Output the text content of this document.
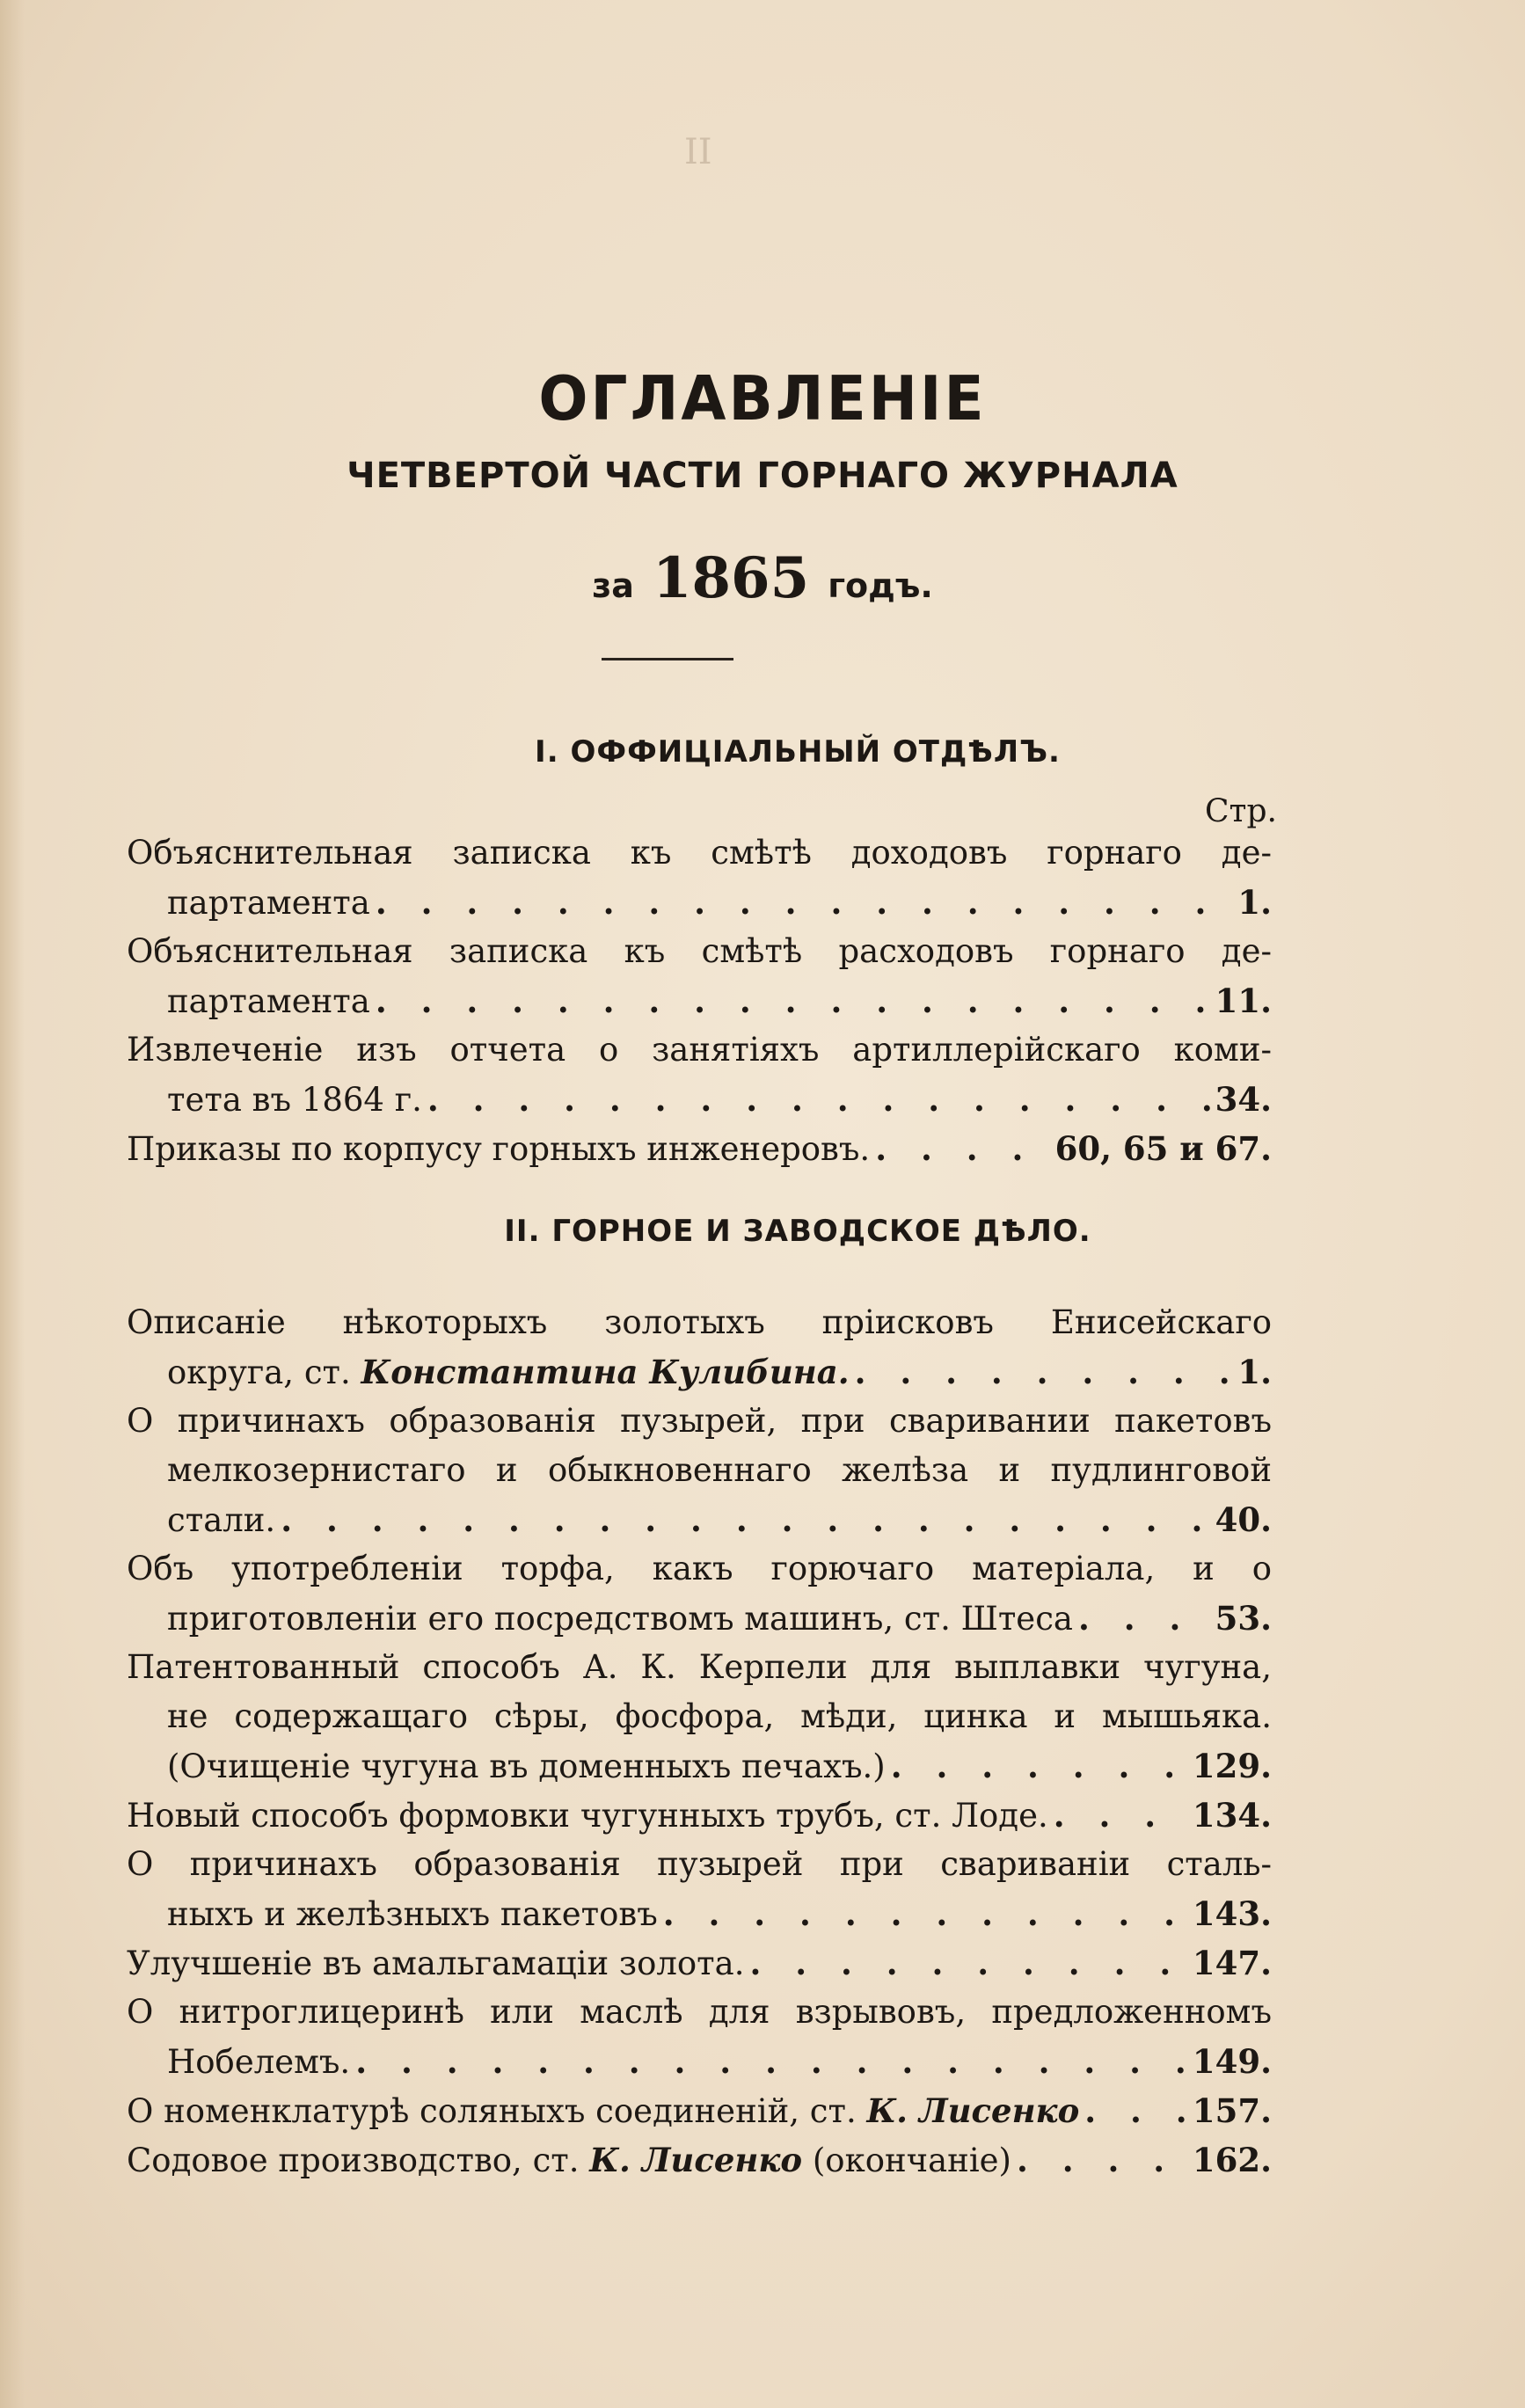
II
ОГЛАВЛЕНІЕ
ЧЕТВЕРТОЙ ЧАСТИ ГОРНАГО ЖУРНАЛА
за 1865 годъ.
I. ОФФИЦІАЛЬНЫЙ ОТДѢЛЪ.
Стр.
Объяснительная записка къ смѣтѣ доходовъ горнаго де-
партамента . . .	1.
Объяснительная записка къ смѣтѣ расходовъ горнаго де-
партамента . . .	11.
Извлеченіе изъ отчета о занятіяхъ артиллерійскаго коми-
тета въ 1864 г. . . .	34.
Приказы по корпусу горныхъ инженеровъ. . . .	60, 65 и 67.
II. ГОРНОЕ И ЗАВОДСКОЕ ДѢЛО.
Описаніе нѣкоторыхъ золотыхъ пріисковъ Енисейскаго
округа, ст. Константина Кулибина. . . .	1.
О причинахъ образованія пузырей, при сваривании пакетовъ
мелкозернистаго и обыкновеннаго желѣза и пудлинговой
стали. . . .	40.
Объ употребленіи торфа, какъ горючаго матеріала, и о
приготовленіи его посредствомъ машинъ, ст. Штеса . . .	53.
Патентованный способъ А. К. Керпели для выплавки чугуна,
не содержащаго сѣры, фосфора, мѣди, цинка и мышьяка.
(Очищеніе чугуна въ доменныхъ печахъ.) . . .	129.
Новый способъ формовки чугунныхъ трубъ, ст. Лоде. . . .	134.
О причинахъ образованія пузырей при свариваніи сталь-
ныхъ и желѣзныхъ пакетовъ . . .	143.
Улучшеніе въ амальгамаціи золота. . . .	147.
О нитроглицеринѣ или маслѣ для взрывовъ, предложенномъ
Нобелемъ. . . .	149.
О номенклатурѣ соляныхъ соединеній, ст. К. Лисенко . . .	157.
Содовое производство, ст. К. Лисенко (окончаніе) . . .	162.
